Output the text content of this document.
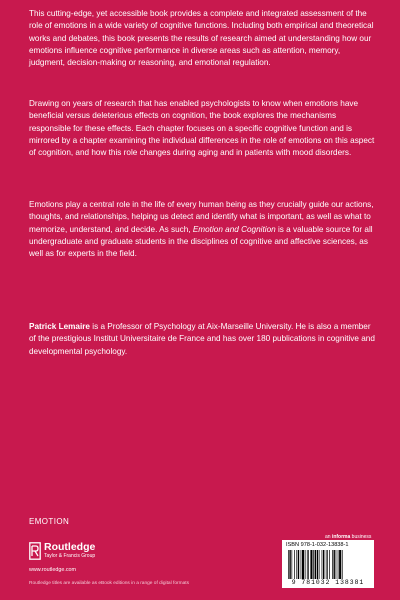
This cutting-edge, yet accessible book provides a complete and integrated assessment of the role of emotions in a wide variety of cognitive functions. Including both empirical and theoretical works and debates, this book presents the results of research aimed at understanding how our emotions influence cognitive performance in diverse areas such as attention, memory, judgment, decision-making or reasoning, and emotional regulation.

Drawing on years of research that has enabled psychologists to know when emotions have beneficial versus deleterious effects on cognition, the book explores the mechanisms responsible for these effects. Each chapter focuses on a specific cognitive function and is mirrored by a chapter examining the individual differences in the role of emotions on this aspect of cognition, and how this role changes during aging and in patients with mood disorders.

Emotions play a central role in the life of every human being as they crucially guide our actions, thoughts, and relationships, helping us detect and identify what is important, as well as what to memorize, understand, and decide. As such, Emotion and Cognition is a valuable source for all undergraduate and graduate students in the disciplines of cognitive and affective sciences, as well as for experts in the field.

Patrick Lemaire is a Professor of Psychology at Aix-Marseille University. He is also a member of the prestigious Institut Universitaire de France and has over 180 publications in cognitive and developmental psychology.

EMOTION
Routledge
Taylor & Francis Group
www.routledge.com
Routledge titles are available as eBook editions in a range of digital formats
an informa business
ISBN 978-1-032-13838-1
9 781032 138381
